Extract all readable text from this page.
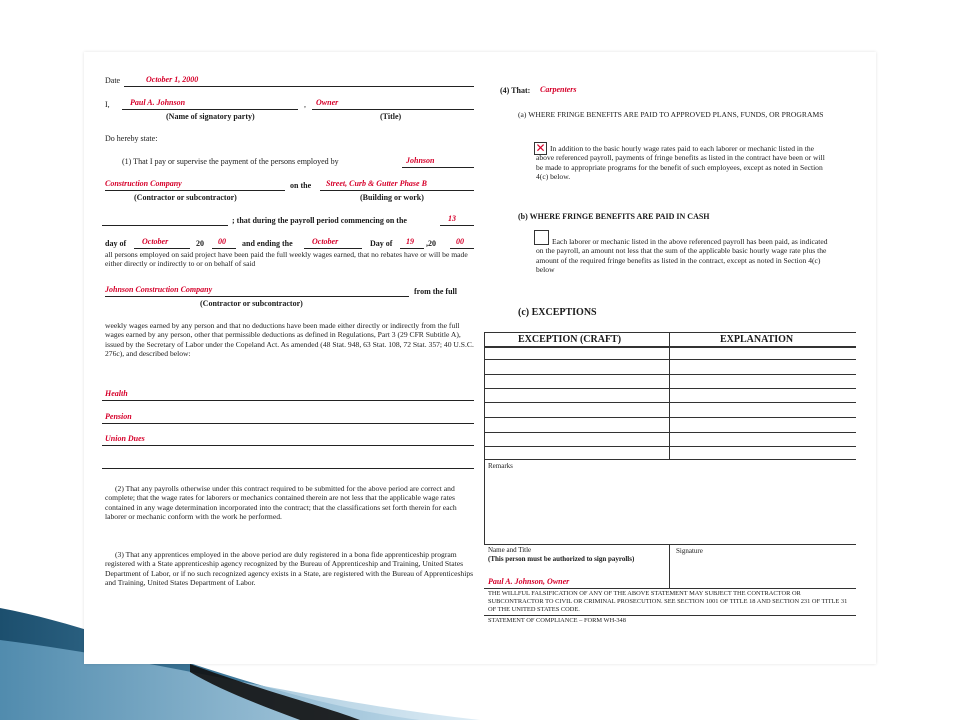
Date	October 1, 2000
I,	Paul A. Johnson	, Owner
(Name of signatory party)	(Title)
Do hereby state:
(1) That I pay or supervise the payment of the persons employed by	Johnson
Construction Company	on the Street, Curb & Gutter Phase B
(Contractor or subcontractor)	(Building or work)
; that during the payroll period commencing on the	13
day of October	20 00 and ending the October	Day of 19 ,20	00
all persons employed on said project have been paid the full weekly wages earned, that no rebates have or will be made either directly or indirectly to or on behalf of said
Johnson Construction Company	from the full
(Contractor or subcontractor)
weekly wages earned by any person and that no deductions have been made either directly or indirectly from the full wages earned by any person, other that permissible deductions as defined in Regulations, Part 3 (29 CFR Subtitle A), issued by the Secretary of Labor under the Copeland Act. As amended (48 Stat. 948, 63 Stat. 108, 72 Stat. 357; 40 U.S.C. 276c), and described below:
Health
Pension
Union Dues
(2) That any payrolls otherwise under this contract required to be submitted for the above period are correct and complete; that the wage rates for laborers or mechanics contained therein are not less that the applicable wage rates contained in any wage determination incorporated into the contract; that the classifications set forth therein for each laborer or mechanic conform with the work he performed.
(3) That any apprentices employed in the above period are duly registered in a bona fide apprenticeship program registered with a State apprenticeship agency recognized by the Bureau of Apprenticeship and Training, United States Department of Labor, or if no such recognized agency exists in a State, are registered with the Bureau of Apprenticeships and Training, United States Department of Labor.
(4) That: Carpenters
(a) WHERE FRINGE BENEFITS ARE PAID TO APPROVED PLANS, FUNDS, OR PROGRAMS
✕ In addition to the basic hourly wage rates paid to each laborer or mechanic listed in the above referenced payroll, payments of fringe benefits as listed in the contract have been or will be made to appropriate programs for the benefit of such employees, except as noted in Section 4(c) below.
(b) WHERE FRINGE BENEFITS ARE PAID IN CASH
Each laborer or mechanic listed in the above referenced payroll has been paid, as indicated on the payroll, an amount not less that the sum of the applicable basic hourly wage rate plus the amount of the required fringe benefits as listed in the contract, except as noted in Section 4(c) below
(c) EXCEPTIONS
EXCEPTION (CRAFT)	EXPLANATION
Remarks
Name and Title
(This person must be authorized to sign payrolls)
Paul A. Johnson, Owner
Signature
THE WILLFUL FALSIFICATION OF ANY OF THE ABOVE STATEMENT MAY SUBJECT THE CONTRACTOR OR SUBCONTRACTOR TO CIVIL OR CRIMINAL PROSECUTION. SEE SECTION 1001 OF TITLE 18 AND SECTION 231 OF TITLE 31 OF THE UNITED STATES CODE.
STATEMENT OF COMPLIANCE – FORM WH-348
